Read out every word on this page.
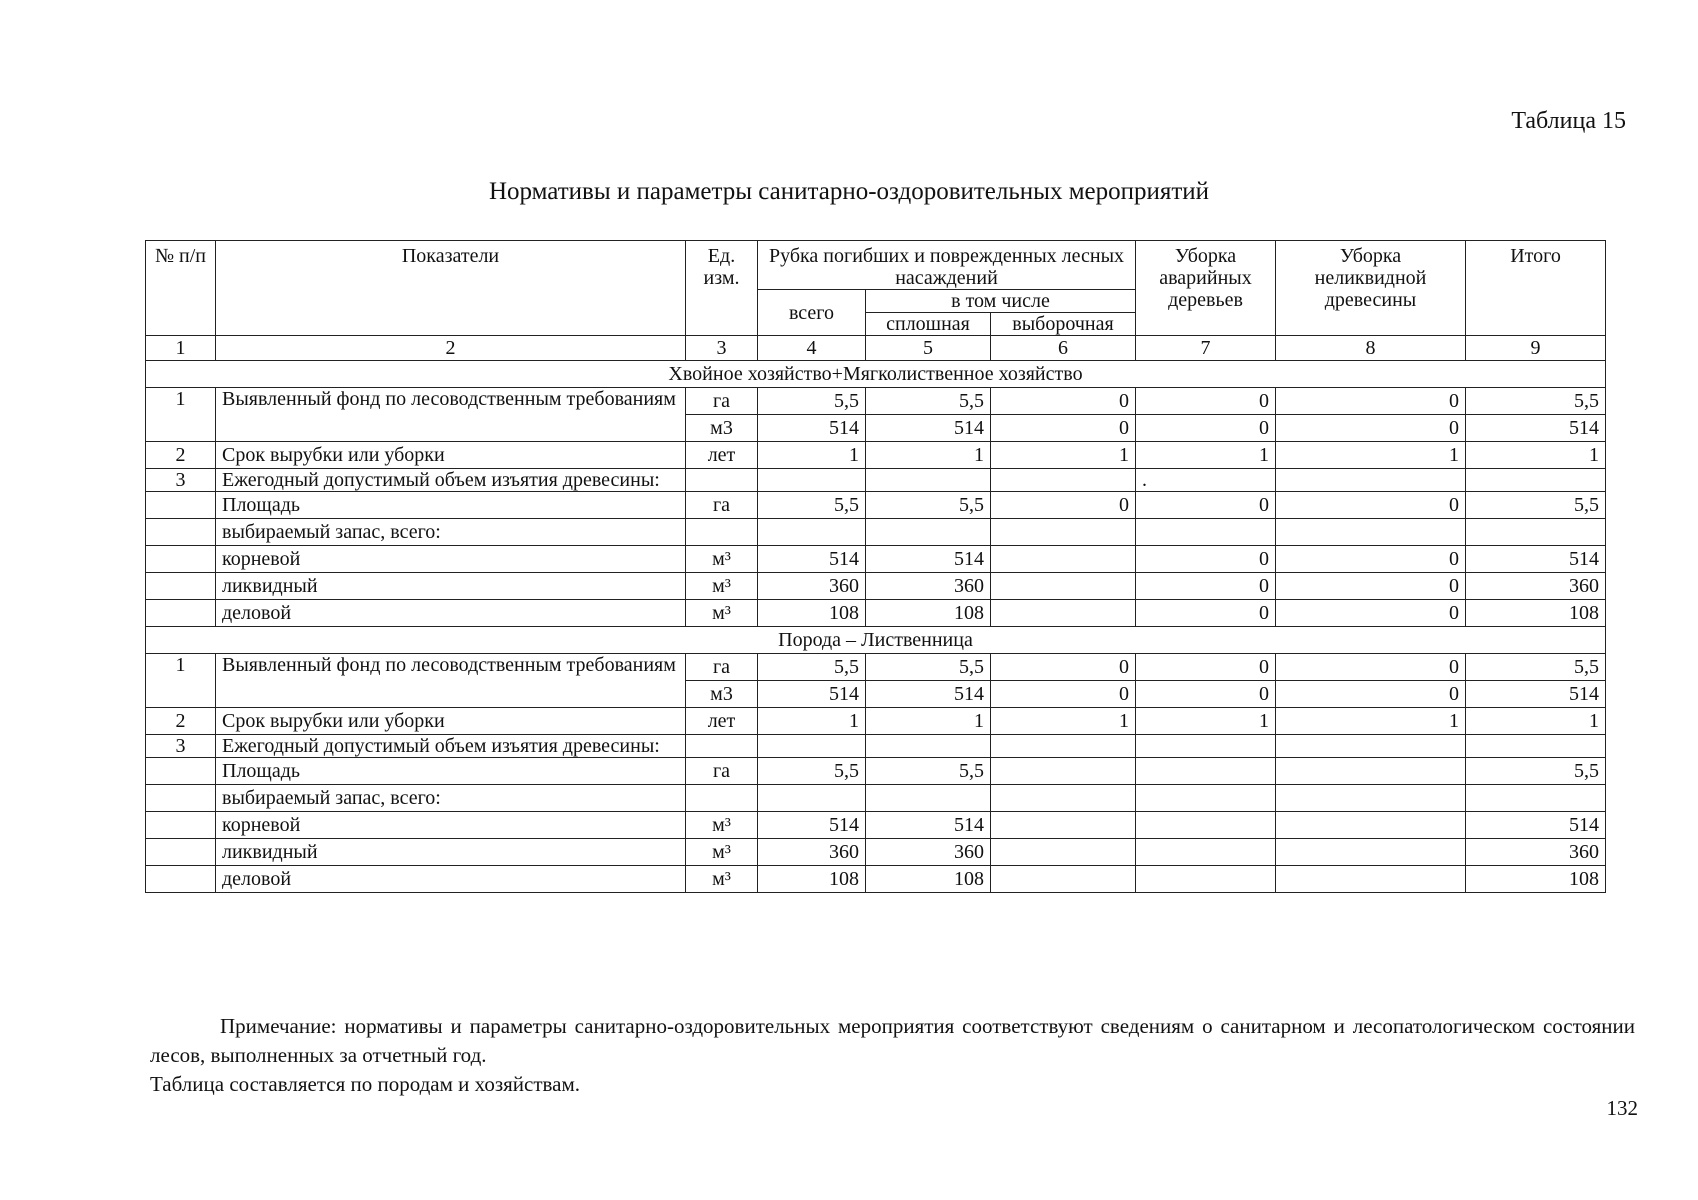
Таблица 15
Нормативы и параметры санитарно-оздоровительных мероприятий
№ п/п	Показатели	Ед. изм.	Рубка погибших и поврежденных лесных насаждений			Уборка аварийных деревьев	Уборка неликвидной древесины	Итого
			всего	в том числе				
				сплошная	выборочная			
1	2	3	4	5	6	7	8	9
Хвойное хозяйство+Мягколиственное хозяйство								
1	Выявленный фонд по лесоводственным требованиям	га	5,5	5,5	0	0	0	5,5
		м3	514	514	0	0	0	514
2	Срок вырубки или уборки	лет	1	1	1	1	1	1
3	Ежегодный допустимый объем изъятия древесины:					.		
	Площадь	га	5,5	5,5	0	0	0	5,5
	выбираемый запас, всего:							
	корневой	м³	514	514		0	0	514
	ликвидный	м³	360	360		0	0	360
	деловой	м³	108	108		0	0	108
Порода – Лиственница								
1	Выявленный фонд по лесоводственным требованиям	га	5,5	5,5	0	0	0	5,5
		м3	514	514	0	0	0	514
2	Срок вырубки или уборки	лет	1	1	1	1	1	1
3	Ежегодный допустимый объем изъятия древесины:							
	Площадь	га	5,5	5,5				5,5
	выбираемый запас, всего:							
	корневой	м³	514	514				514
	ликвидный	м³	360	360				360
	деловой	м³	108	108				108

Примечание: нормативы и параметры санитарно-оздоровительных мероприятия соответствуют сведениям о санитарном и лесопатологическом состоянии лесов, выполненных за отчетный год.

Таблица составляется по породам и хозяйствам.

132
